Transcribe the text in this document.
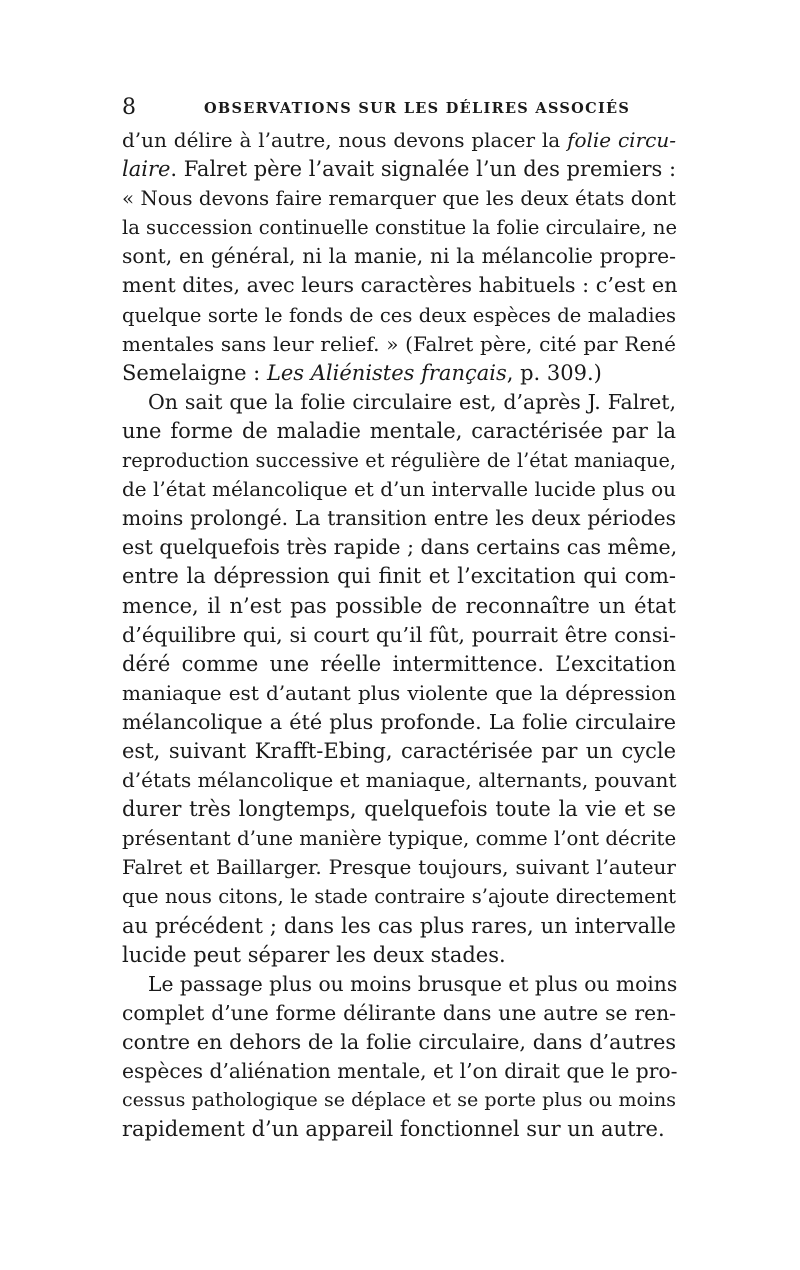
8	OBSERVATIONS SUR LES DÉLIRES ASSOCIÉS

d’un délire à l’autre, nous devons placer la folie circu-
laire. Falret père l’avait signalée l’un des premiers :
« Nous devons faire remarquer que les deux états dont
la succession continuelle constitue la folie circulaire, ne
sont, en général, ni la manie, ni la mélancolie propre-
ment dites, avec leurs caractères habituels : c’est en
quelque sorte le fonds de ces deux espèces de maladies
mentales sans leur relief. » (Falret père, cité par René
Semelaigne : Les Aliénistes français, p. 309.)

On sait que la folie circulaire est, d’après J. Falret,
une forme de maladie mentale, caractérisée par la
reproduction successive et régulière de l’état maniaque,
de l’état mélancolique et d’un intervalle lucide plus ou
moins prolongé. La transition entre les deux périodes
est quelquefois très rapide ; dans certains cas même,
entre la dépression qui finit et l’excitation qui com-
mence, il n’est pas possible de reconnaître un état
d’équilibre qui, si court qu’il fût, pourrait être consi-
déré comme une réelle intermittence. L’excitation
maniaque est d’autant plus violente que la dépression
mélancolique a été plus profonde. La folie circulaire
est, suivant Krafft-Ebing, caractérisée par un cycle
d’états mélancolique et maniaque, alternants, pouvant
durer très longtemps, quelquefois toute la vie et se
présentant d’une manière typique, comme l’ont décrite
Falret et Baillarger. Presque toujours, suivant l’auteur
que nous citons, le stade contraire s’ajoute directement
au précédent ; dans les cas plus rares, un intervalle
lucide peut séparer les deux stades.

Le passage plus ou moins brusque et plus ou moins
complet d’une forme délirante dans une autre se ren-
contre en dehors de la folie circulaire, dans d’autres
espèces d’aliénation mentale, et l’on dirait que le pro-
cessus pathologique se déplace et se porte plus ou moins
rapidement d’un appareil fonctionnel sur un autre.
